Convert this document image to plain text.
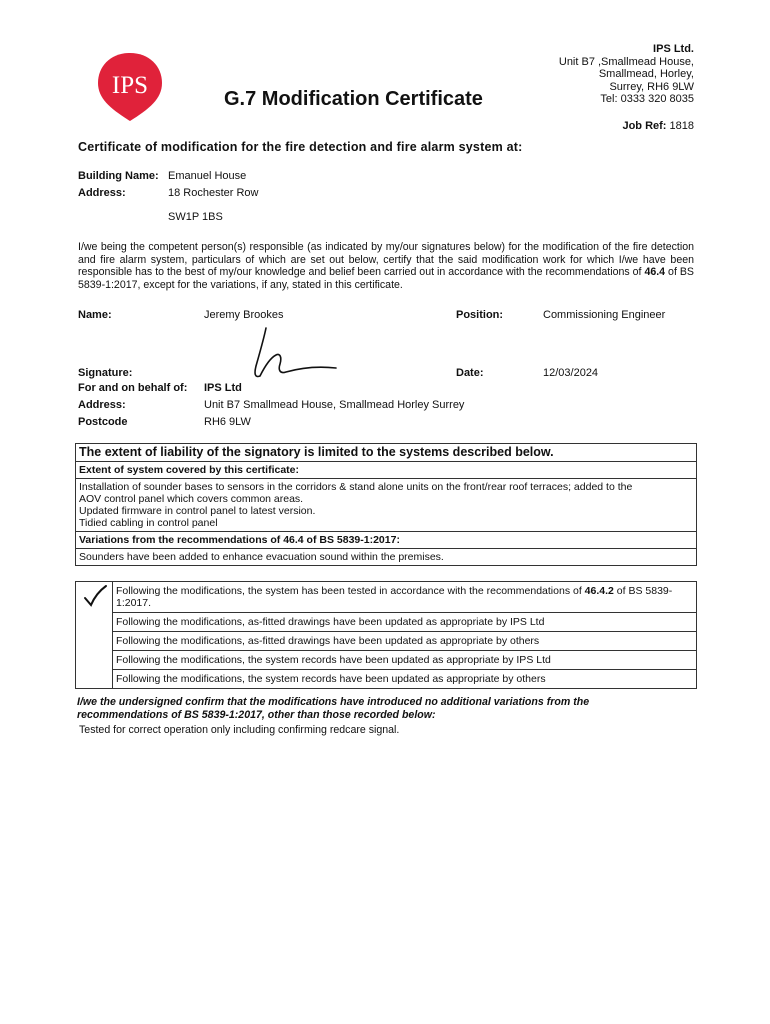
IPS	G.7 Modification Certificate
IPS Ltd.
Unit B7 ,Smallmead House,
Smallmead, Horley,
Surrey, RH6 9LW
Tel: 0333 320 8035
Job Ref: 1818
Certificate of modification for the fire detection and fire alarm system at:
Building Name: Emanuel House
Address:	18 Rochester Row
SW1P 1BS
I/we being the competent person(s) responsible (as indicated by my/our signatures below) for the modification of the fire detection and fire alarm system, particulars of which are set out below, certify that the said modification work for which I/we have been responsible has to the best of my/our knowledge and belief been carried out in accordance with the recommendations of 46.4 of BS 5839-1:2017, except for the variations, if any, stated in this certificate.
Name:	Jeremy Brookes	Position:	Commissioning Engineer
Signature:	Date:	12/03/2024
For and on behalf of: IPS Ltd
Address:	Unit B7 Smallmead House, Smallmead Horley Surrey
Postcode	RH6 9LW
The extent of liability of the signatory is limited to the systems described below.
Extent of system covered by this certificate:
Installation of sounder bases to sensors in the corridors & stand alone units on the front/rear roof terraces; added to the
AOV control panel which covers common areas.
Updated firmware in control panel to latest version.
Tidied cabling in control panel
Variations from the recommendations of 46.4 of BS 5839-1:2017:
Sounders have been added to enhance evacuation sound within the premises.
Following the modifications, the system has been tested in accordance with the recommendations of 46.4.2 of BS 5839-1:2017.
Following the modifications, as-fitted drawings have been updated as appropriate by IPS Ltd
Following the modifications, as-fitted drawings have been updated as appropriate by others
Following the modifications, the system records have been updated as appropriate by IPS Ltd
Following the modifications, the system records have been updated as appropriate by others
I/we the undersigned confirm that the modifications have introduced no additional variations from the
recommendations of BS 5839-1:2017, other than those recorded below:
Tested for correct operation only including confirming redcare signal.
